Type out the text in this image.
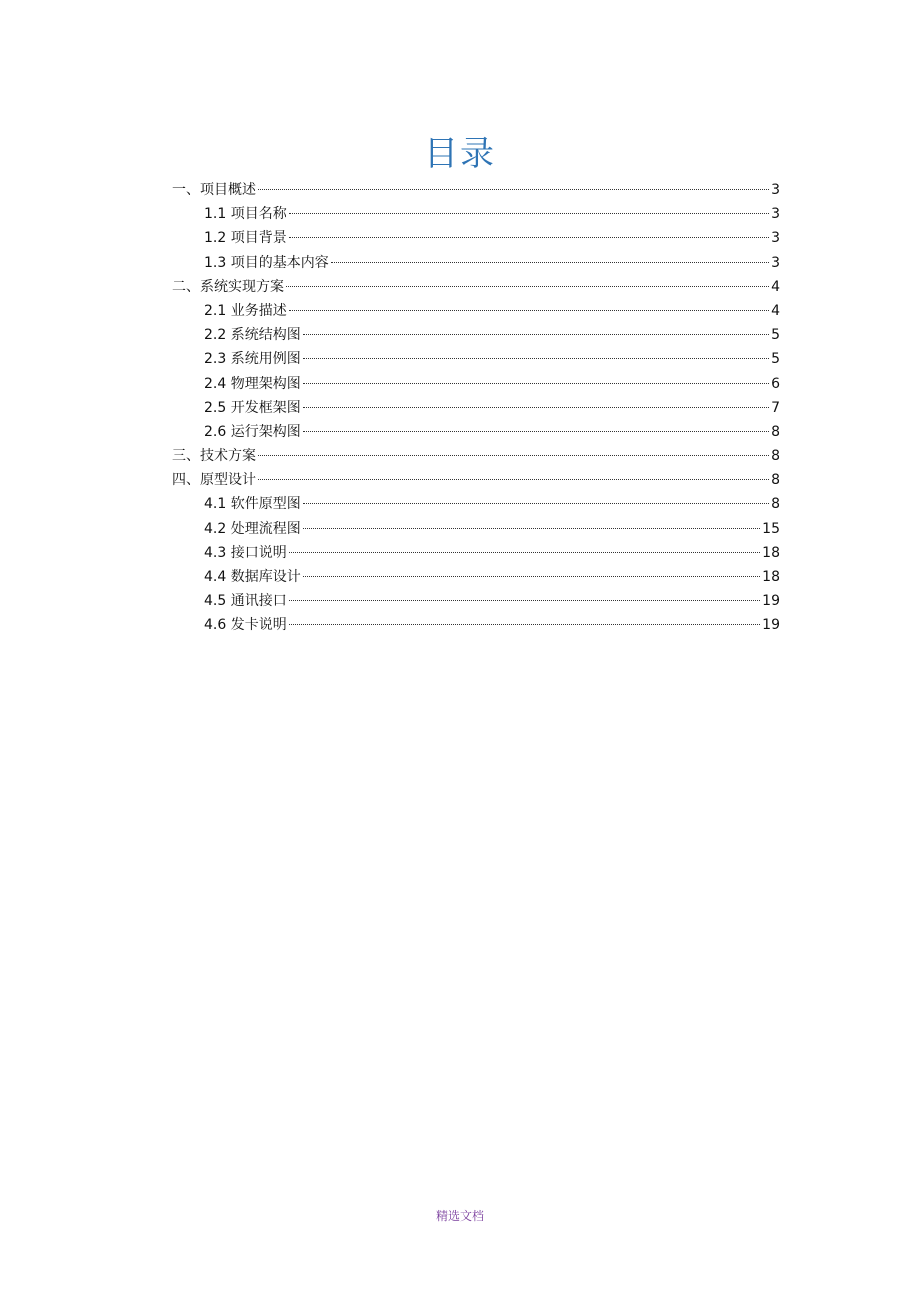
目录
一、项目概述	3
1.1 项目名称	3
1.2 项目背景	3
1.3 项目的基本内容	3
二、系统实现方案	4
2.1 业务描述	4
2.2 系统结构图	5
2.3 系统用例图	5
2.4 物理架构图	6
2.5 开发框架图	7
2.6 运行架构图	8
三、技术方案	8
四、原型设计	8
4.1 软件原型图	8
4.2 处理流程图	15
4.3 接口说明	18
4.4 数据库设计	18
4.5 通讯接口	19
4.6 发卡说明	19
精选文档
